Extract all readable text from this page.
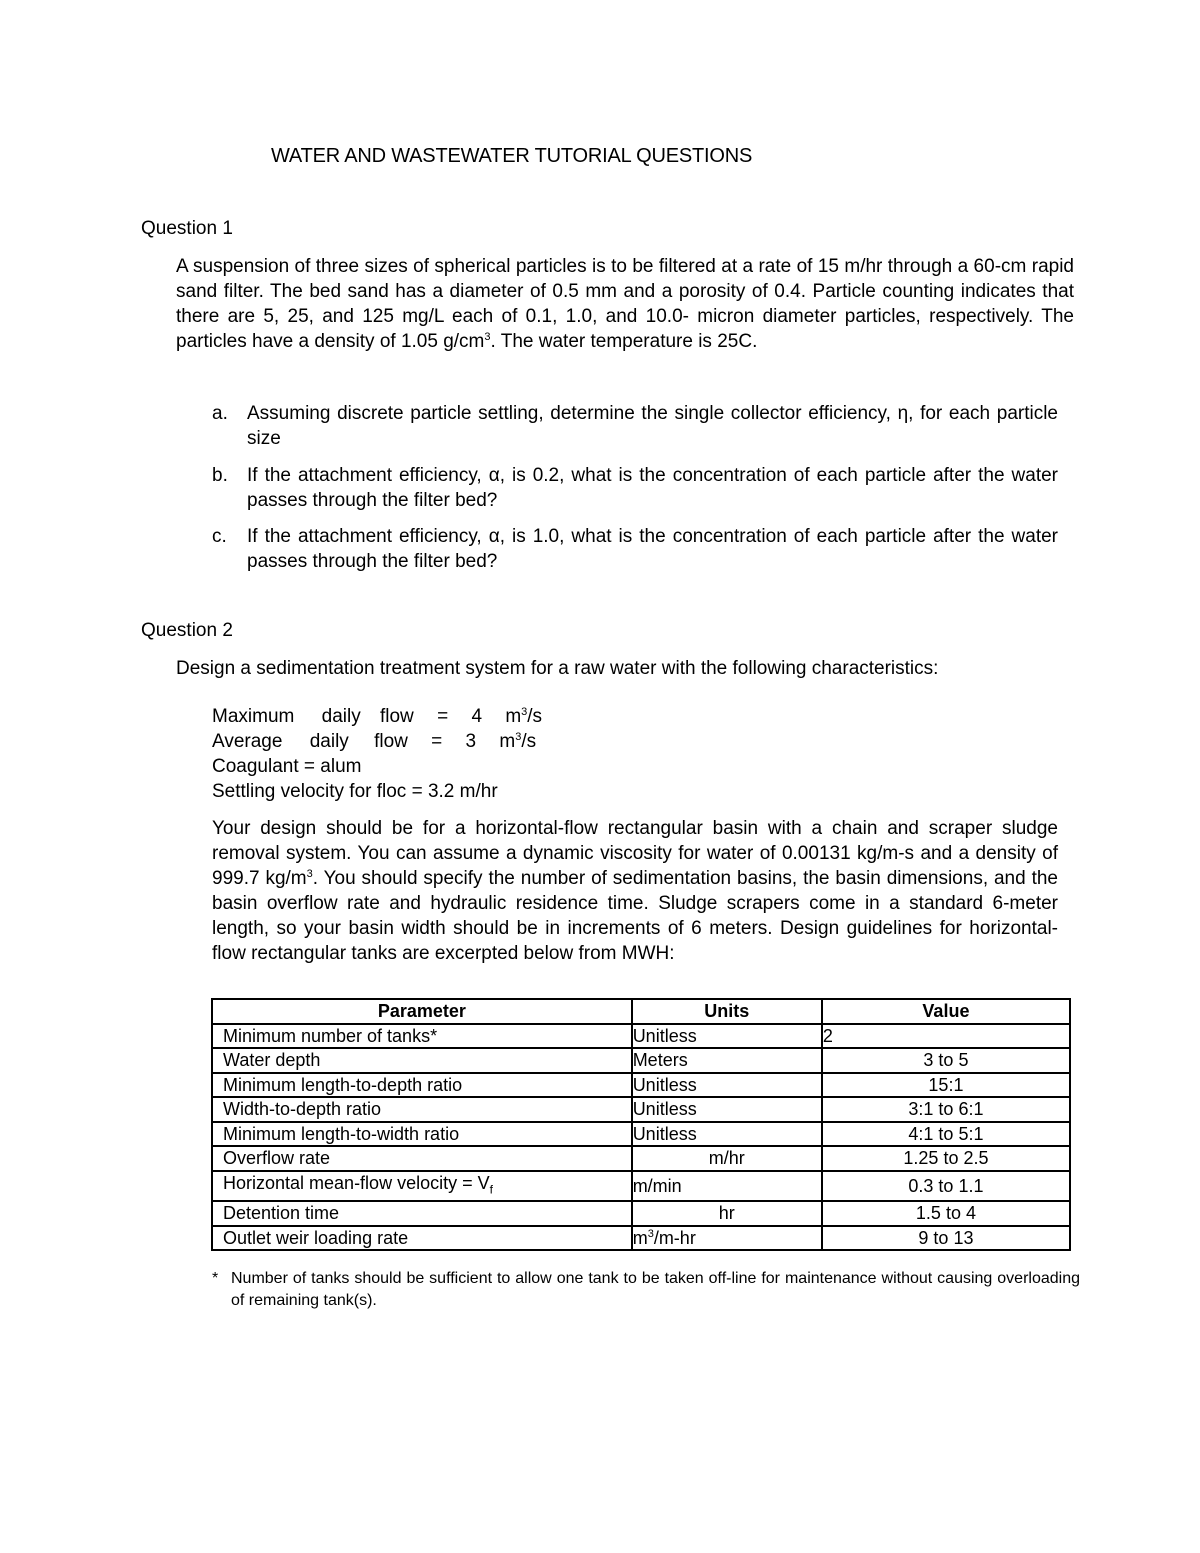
WATER AND WASTEWATER TUTORIAL QUESTIONS
Question 1
A suspension of three sizes of spherical particles is to be filtered at a rate of 15 m/hr through a 60-cm rapid sand filter. The bed sand has a diameter of 0.5 mm and a porosity of 0.4. Particle counting indicates that there are 5, 25, and 125 mg/L each of 0.1, 1.0, and 10.0- micron diameter particles, respectively. The particles have a density of 1.05 $g/cm^3$. The water temperature is 25C.
a. Assuming discrete particle settling, determine the single collector efficiency, η, for each particle size
b. If the attachment efficiency, α, is 0.2, what is the concentration of each particle after the water passes through the filter bed?
c. If the attachment efficiency, α, is 1.0, what is the concentration of each particle after the water passes through the filter bed?
Question 2
Design a sedimentation treatment system for a raw water with the following characteristics:
Maximum daily flow = 4 $m^3/s$
Average daily flow = 3 $m^3/s$
Coagulant = alum
Settling velocity for floc = 3.2 m/hr
Your design should be for a horizontal-flow rectangular basin with a chain and scraper sludge removal system. You can assume a dynamic viscosity for water of 0.00131 kg/m-s and a density of 999.7 $kg/m^3$. You should specify the number of sedimentation basins, the basin dimensions, and the basin overflow rate and hydraulic residence time. Sludge scrapers come in a standard 6-meter length, so your basin width should be in increments of 6 meters. Design guidelines for horizontal-flow rectangular tanks are excerpted below from MWH:
Parameter	Units	Value
Minimum number of tanks*	Unitless	2
Water depth	Meters	3 to 5
Minimum length-to-depth ratio	Unitless	15:1
Width-to-depth ratio	Unitless	3:1 to 6:1
Minimum length-to-width ratio	Unitless	4:1 to 5:1
Overflow rate	m/hr	1.25 to 2.5
Horizontal mean-flow velocity = $V_f$	m/min	0.3 to 1.1
Detention time	hr	1.5 to 4
Outlet weir loading rate	$m^3/m-hr$	9 to 13
* Number of tanks should be sufficient to allow one tank to be taken off-line for maintenance without causing overloading of remaining tank(s).
